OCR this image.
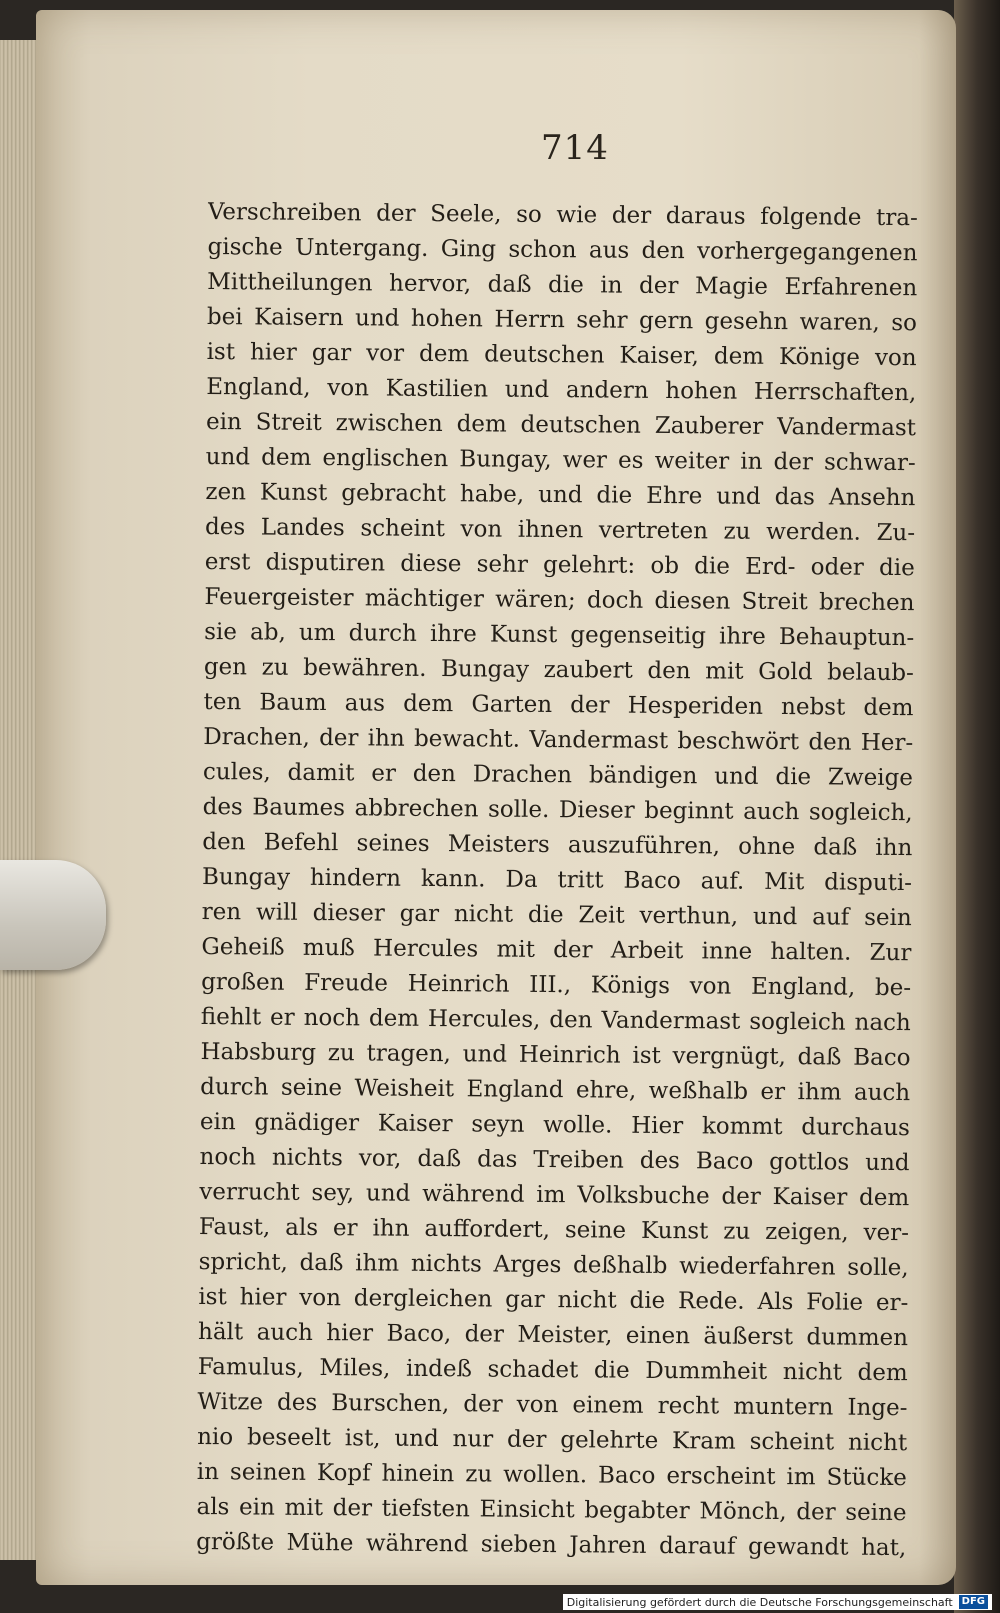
714
Verschreiben der Seele, so wie der daraus folgende tra-
gische Untergang. Ging schon aus den vorhergegangenen
Mittheilungen hervor, daß die in der Magie Erfahrenen
bei Kaisern und hohen Herrn sehr gern gesehn waren, so
ist hier gar vor dem deutschen Kaiser, dem Könige von
England, von Kastilien und andern hohen Herrschaften,
ein Streit zwischen dem deutschen Zauberer Vandermast
und dem englischen Bungay, wer es weiter in der schwar-
zen Kunst gebracht habe, und die Ehre und das Ansehn
des Landes scheint von ihnen vertreten zu werden. Zu-
erst disputiren diese sehr gelehrt: ob die Erd- oder die
Feuergeister mächtiger wären; doch diesen Streit brechen
sie ab, um durch ihre Kunst gegenseitig ihre Behauptun-
gen zu bewähren. Bungay zaubert den mit Gold belaub-
ten Baum aus dem Garten der Hesperiden nebst dem
Drachen, der ihn bewacht. Vandermast beschwört den Her-
cules, damit er den Drachen bändigen und die Zweige
des Baumes abbrechen solle. Dieser beginnt auch sogleich,
den Befehl seines Meisters auszuführen, ohne daß ihn
Bungay hindern kann. Da tritt Baco auf. Mit disputi-
ren will dieser gar nicht die Zeit verthun, und auf sein
Geheiß muß Hercules mit der Arbeit inne halten. Zur
großen Freude Heinrich III., Königs von England, be-
fiehlt er noch dem Hercules, den Vandermast sogleich nach
Habsburg zu tragen, und Heinrich ist vergnügt, daß Baco
durch seine Weisheit England ehre, weßhalb er ihm auch
ein gnädiger Kaiser seyn wolle. Hier kommt durchaus
noch nichts vor, daß das Treiben des Baco gottlos und
verrucht sey, und während im Volksbuche der Kaiser dem
Faust, als er ihn auffordert, seine Kunst zu zeigen, ver-
spricht, daß ihm nichts Arges deßhalb wiederfahren solle,
ist hier von dergleichen gar nicht die Rede. Als Folie er-
hält auch hier Baco, der Meister, einen äußerst dummen
Famulus, Miles, indeß schadet die Dummheit nicht dem
Witze des Burschen, der von einem recht muntern Inge-
nio beseelt ist, und nur der gelehrte Kram scheint nicht
in seinen Kopf hinein zu wollen. Baco erscheint im Stücke
als ein mit der tiefsten Einsicht begabter Mönch, der seine
größte Mühe während sieben Jahren darauf gewandt hat,
Digitalisierung gefördert durch die Deutsche Forschungsgemeinschaft DFG
